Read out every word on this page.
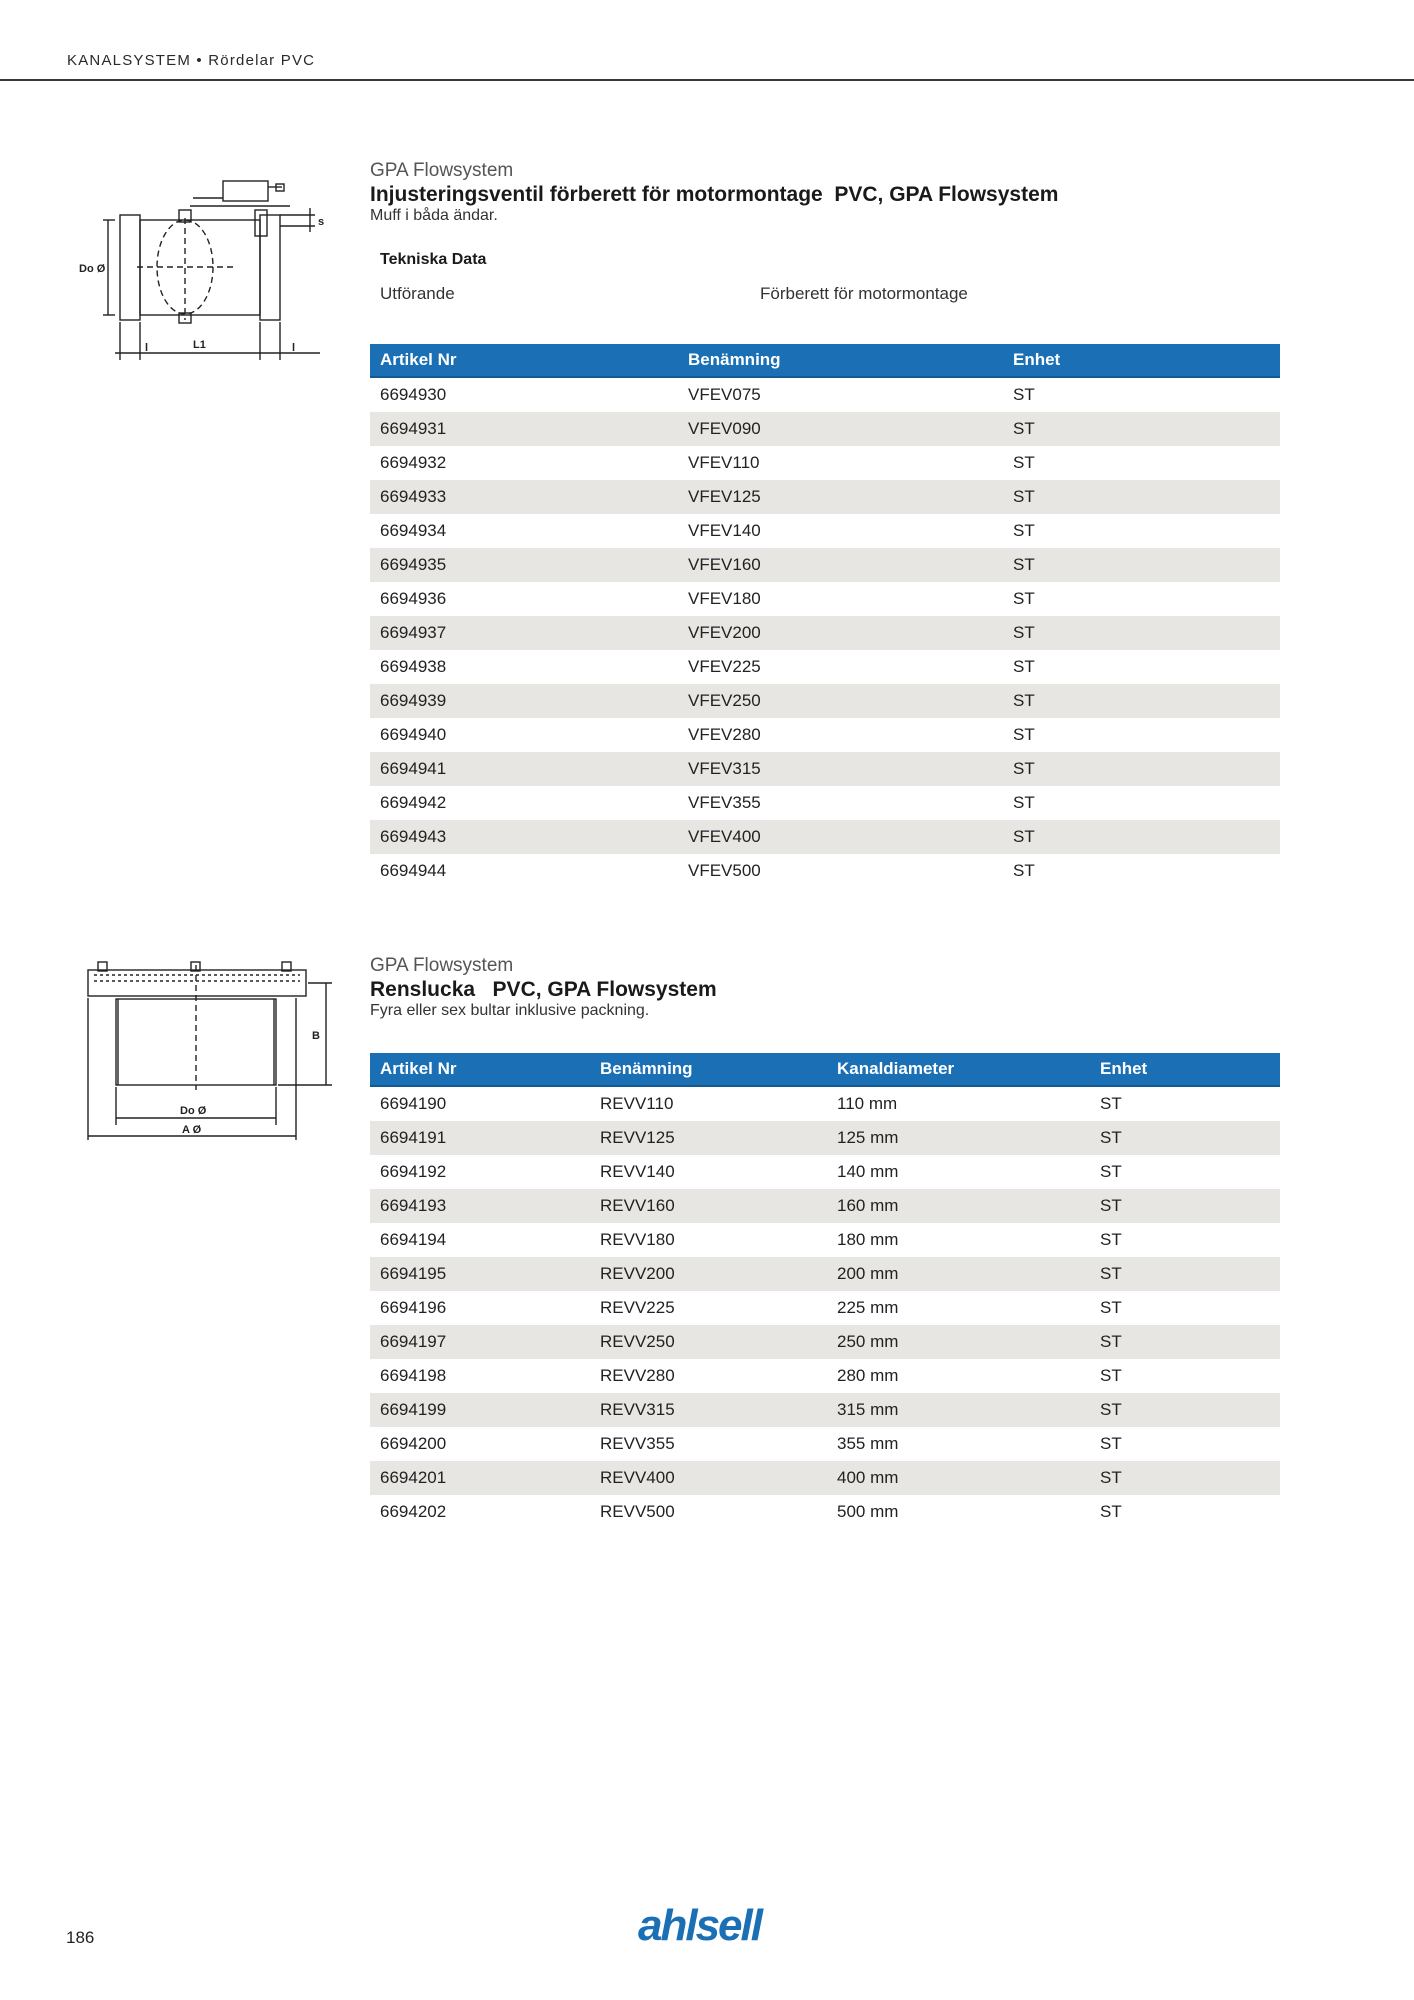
KANALSYSTEM • Rördelar PVC
Do Ø
L1
l	l
s
GPA Flowsystem
Injusteringsventil förberett för motormontage  PVC, GPA Flowsystem
Muff i båda ändar.
Tekniska Data
Utförande	Förberett för motormontage
Artikel Nr	Benämning	Enhet
6694930	VFEV075	ST
6694931	VFEV090	ST
6694932	VFEV110	ST
6694933	VFEV125	ST
6694934	VFEV140	ST
6694935	VFEV160	ST
6694936	VFEV180	ST
6694937	VFEV200	ST
6694938	VFEV225	ST
6694939	VFEV250	ST
6694940	VFEV280	ST
6694941	VFEV315	ST
6694942	VFEV355	ST
6694943	VFEV400	ST
6694944	VFEV500	ST
B
Do Ø
A Ø
GPA Flowsystem
Renslucka   PVC, GPA Flowsystem
Fyra eller sex bultar inklusive packning.
Artikel Nr	Benämning	Kanaldiameter	Enhet
6694190	REVV110	110 mm	ST
6694191	REVV125	125 mm	ST
6694192	REVV140	140 mm	ST
6694193	REVV160	160 mm	ST
6694194	REVV180	180 mm	ST
6694195	REVV200	200 mm	ST
6694196	REVV225	225 mm	ST
6694197	REVV250	250 mm	ST
6694198	REVV280	280 mm	ST
6694199	REVV315	315 mm	ST
6694200	REVV355	355 mm	ST
6694201	REVV400	400 mm	ST
6694202	REVV500	500 mm	ST
186	ahlsell
